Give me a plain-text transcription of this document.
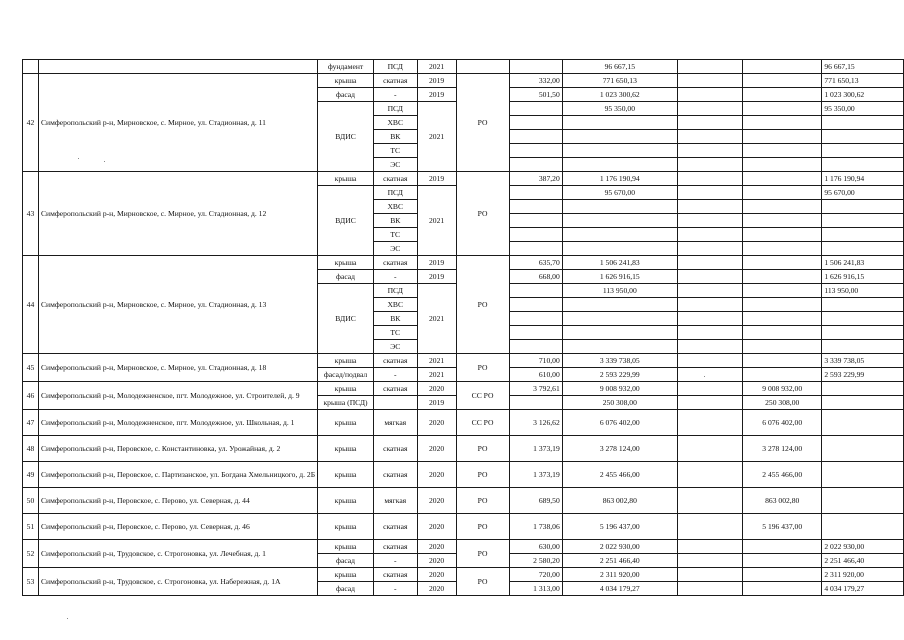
		фундамент	ПСД	2021			96 667,15			96 667,15
42	Симферопольский р-н, Мирновское, с. Мирное, ул. Стадионная, д. 11	крыша	скатная	2019	РО	332,00	771 650,13			771 650,13
		фасад	-	2019		501,50	1 023 300,62			1 023 300,62
		ВДИС	ПСД	2021			95 350,00			95 350,00
			ХВС							
			ВК							
			ТС							
			ЭС							
43	Симферопольский р-н, Мирновское, с. Мирное, ул. Стадионная, д. 12	крыша	скатная	2019	РО	387,20	1 176 190,94			1 176 190,94
		ВДИС	ПСД	2021			95 670,00			95 670,00
			ХВС							
			ВК							
			ТС							
			ЭС							
44	Симферопольский р-н, Мирновское, с. Мирное, ул. Стадионная, д. 13	крыша	скатная	2019	РО	635,70	1 506 241,83			1 506 241,83
		фасад	-	2019		668,00	1 626 916,15			1 626 916,15
		ВДИС	ПСД	2021			113 950,00			113 950,00
			ХВС							
			ВК							
			ТС							
			ЭС							
45	Симферопольский р-н, Мирновское, с. Мирное, ул. Стадионная, д. 18	крыша	скатная	2021	РО	710,00	3 339 738,05			3 339 738,05
		фасад/подвал	-	2021		610,00	2 593 229,99			2 593 229,99
46	Симферопольский р-н, Молодежненское, пгт. Молодежное, ул. Строителей, д. 9	крыша	скатная	2020	СС РО	3 792,61	9 008 932,00		9 008 932,00	
		крыша (ПСД)		2019			250 308,00		250 308,00	
47	Симферопольский р-н, Молодежненское, пгт. Молодежное, ул. Школьная, д. 1	крыша	мягкая	2020	СС РО	3 126,62	6 076 402,00		6 076 402,00	
48	Симферопольский р-н, Перовское, с. Константиновка, ул. Урожайная, д. 2	крыша	скатная	2020	РО	1 373,19	3 278 124,00		3 278 124,00	
49	Симферопольский р-н, Перовское, с. Партизанское, ул. Богдана Хмельницкого, д. 2Б	крыша	скатная	2020	РО	1 373,19	2 455 466,00		2 455 466,00	
50	Симферопольский р-н, Перовское, с. Перово, ул. Северная, д. 44	крыша	мягкая	2020	РО	689,50	863 002,80		863 002,80	
51	Симферопольский р-н, Перовское, с. Перово, ул. Северная, д. 46	крыша	скатная	2020	РО	1 738,06	5 196 437,00		5 196 437,00	
52	Симферопольский р-н, Трудовское, с. Строгоновка, ул. Лечебная, д. 1	крыша	скатная	2020	РО	630,00	2 022 930,00			2 022 930,00
		фасад	-	2020		2 580,20	2 251 466,40			2 251 466,40
53	Симферопольский р-н, Трудовское, с. Строгоновка, ул. Набережная, д. 1А	крыша	скатная	2020	РО	720,00	2 311 920,00			2 311 920,00
		фасад	-	2020		1 313,00	4 034 179,27			4 034 179,27
